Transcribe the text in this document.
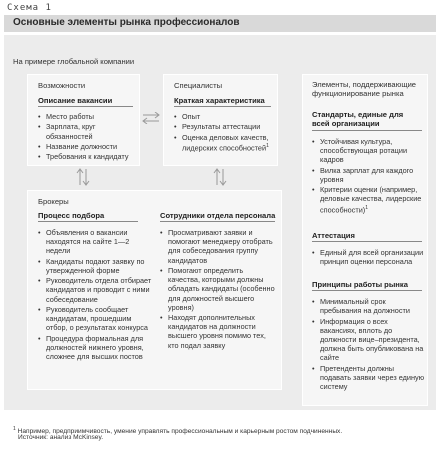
Схема 1
Основные элементы рынка профессионалов
На примере глобальной компании
Возможности
Описание вакансии
• Место работы
• Зарплата, круг обязанностей
• Название должности
• Требования к кандидату
Специалисты
Краткая характеристика
• Опыт
• Результаты аттестации
• Оценка деловых качеств, лидерских способностей$^1$
Брокеры
Процесс подбора
• Объявления о вакансии находятся на сайте 1—2 недели
• Кандидаты подают заявку по утвержденной форме
• Руководитель отдела отбирает кандидатов и проводит с ними собеседование
• Руководитель сообщает кандидатам, прошедшим отбор, о результатах конкурса
• Процедура формальная для должностей нижнего уровня, сложнее для высших постов
Сотрудники отдела персонала
• Просматривают заявки и помогают менеджеру отобрать для собеседования группу кандидатов
• Помогают определить качества, которыми должны обладать кандидаты (особенно для должностей высшего уровня)
• Находят дополнительных кандидатов на должности высшего уровня помимо тех, кто подал заявку
Элементы, поддерживающие функционирование рынка
Стандарты, единые для всей организации
• Устойчивая культура, способствующая ротации кадров
• Вилка зарплат для каждого уровня
• Критерии оценки (например, деловые качества, лидерские способности)$^1$
Аттестация
• Единый для всей организации принцип оценки персонала
Принципы работы рынка
• Минимальный срок пребывания на должности
• Информация о всех вакансиях, вплоть до должности вице–президента, должна быть опубликована на сайте
• Претенденты должны подавать заявки через единую систему
$^1$ Например, предприимчивость, умение управлять профессиональным и карьерным ростом подчиненных.
Источник: анализ McKinsey.
